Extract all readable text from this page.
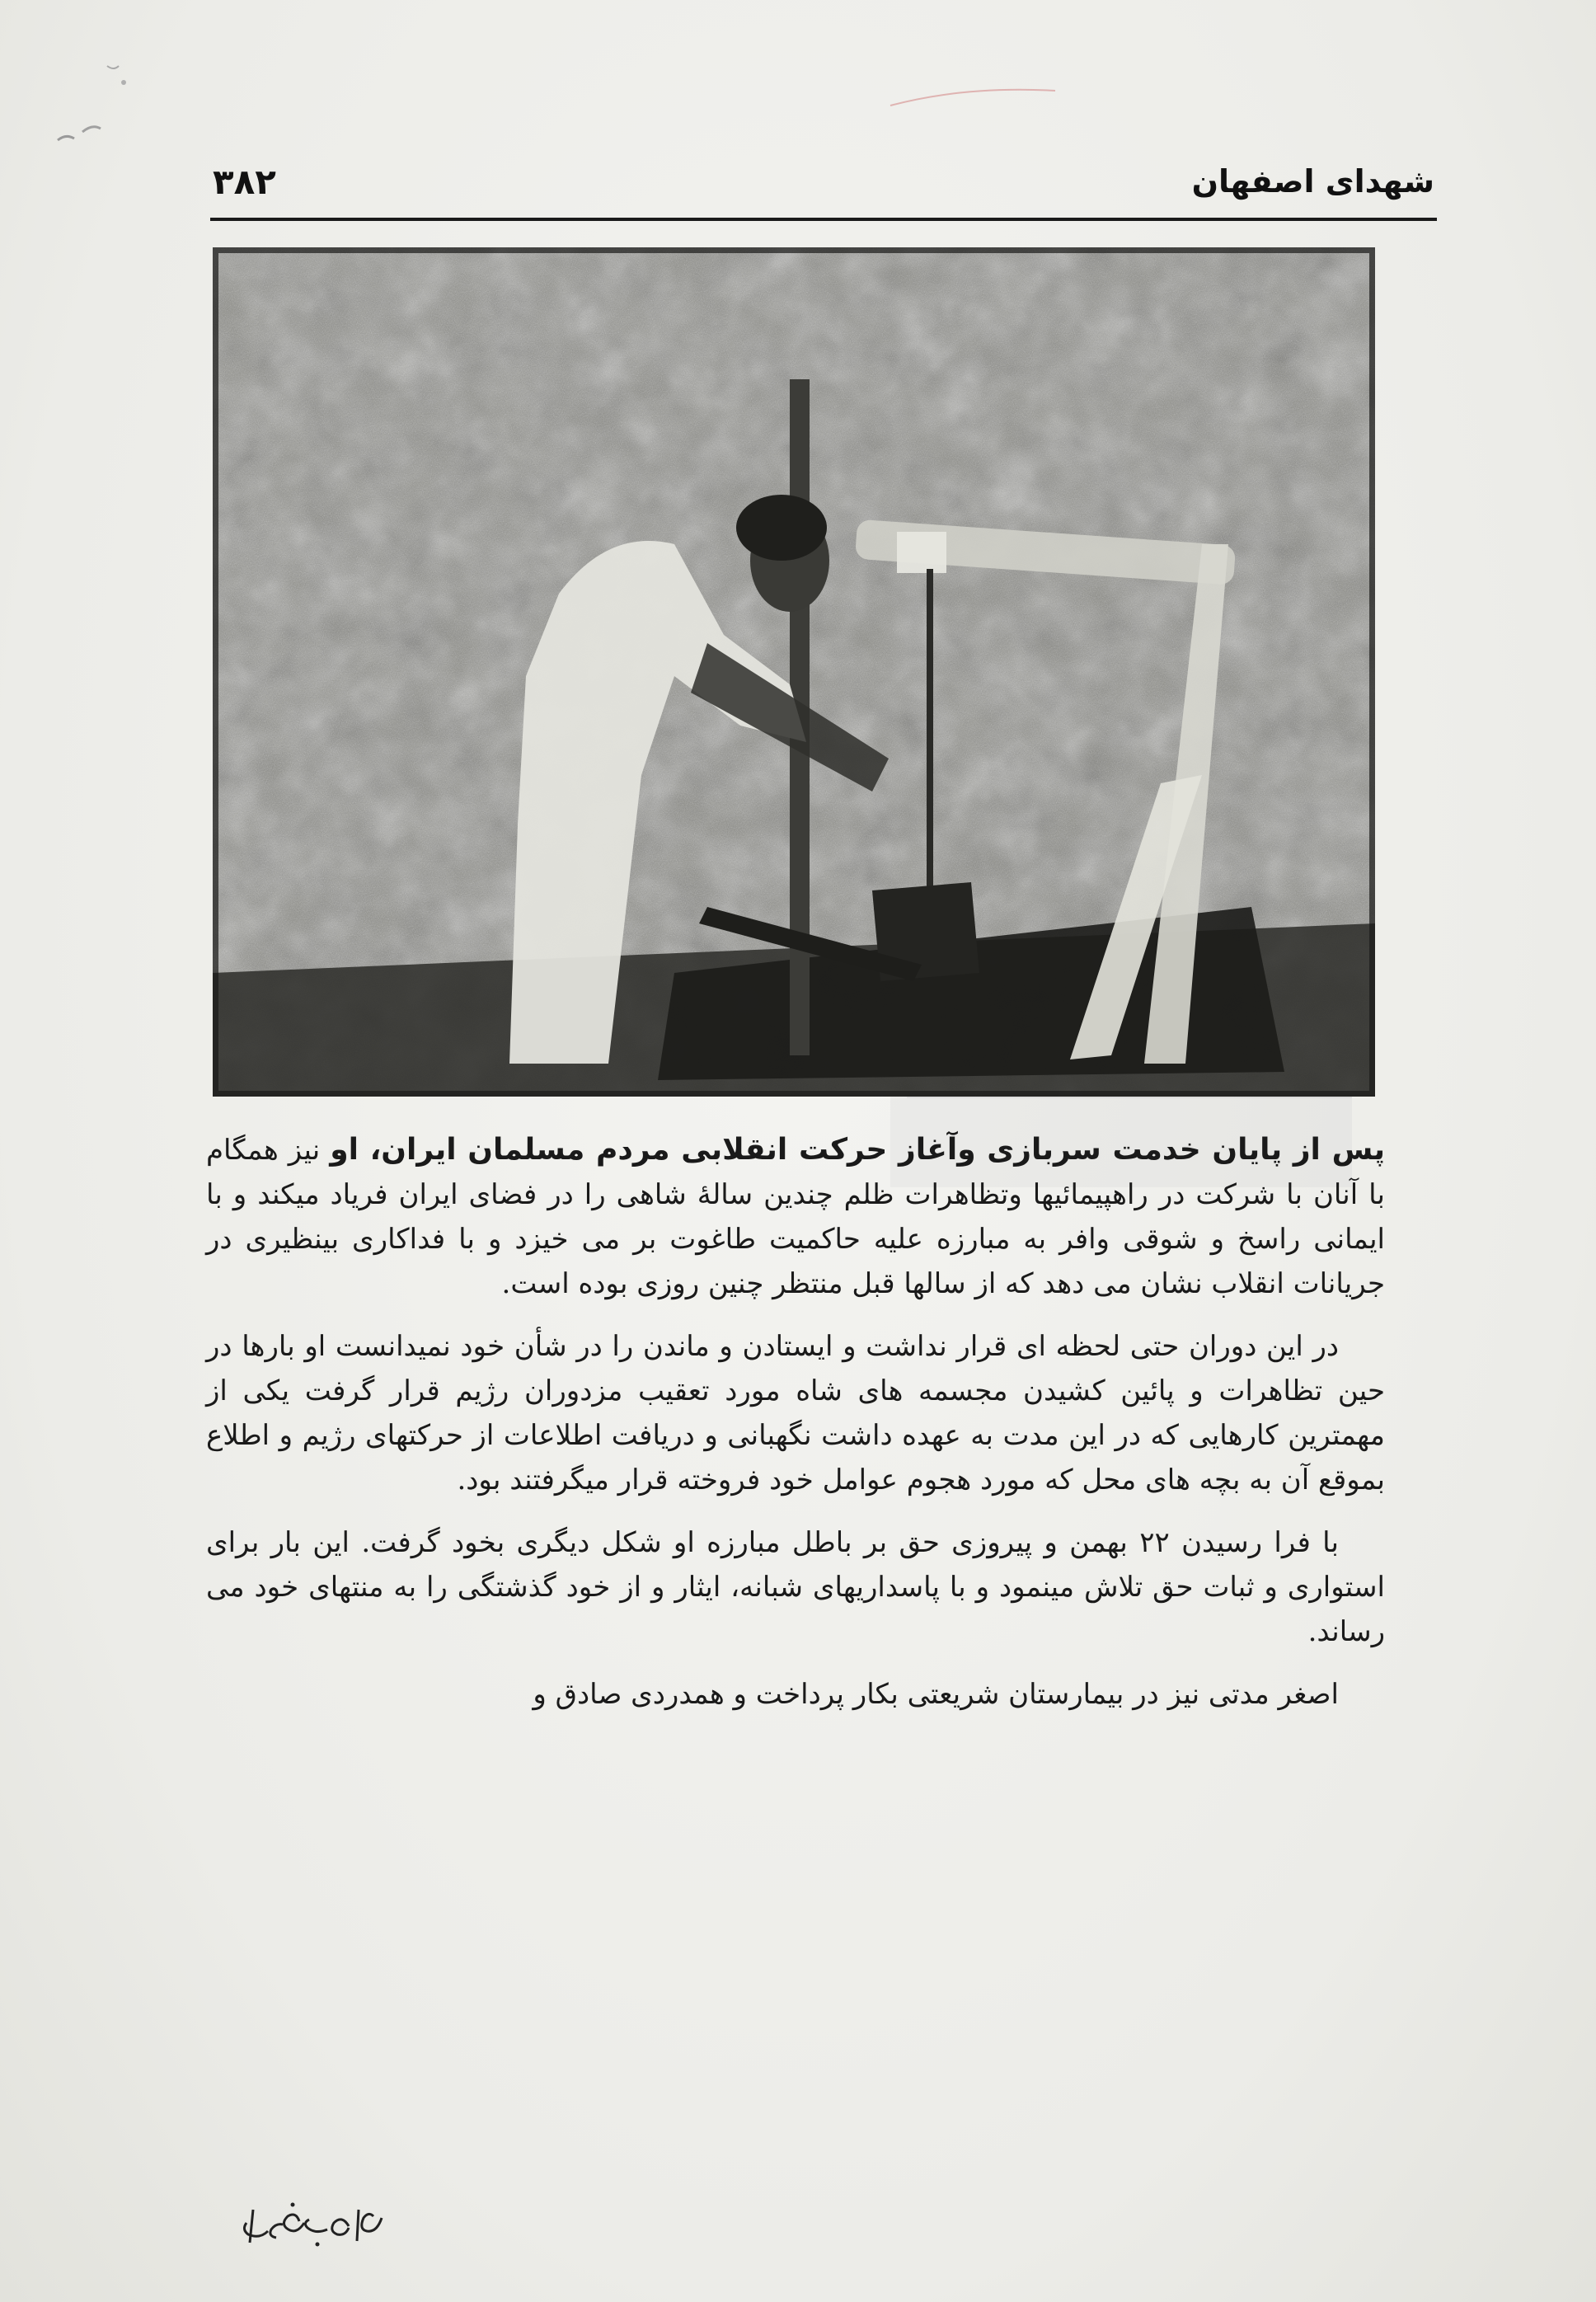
شهدای اصفهان
۳۸۲

پس از پایان خدمت سربازی وآغاز حرکت انقلابی مردم مسلمان ایران، او نیز همگام با آنان با شرکت در راهپیمائیها وتظاهرات ظلم چندین سالهٔ شاهی را در فضای ایران فریاد میکند و با ایمانی راسخ و شوقی وافر به مبارزه علیه حاکمیت طاغوت بر می خیزد و با فداکاری بینظیری در جریانات انقلاب نشان می دهد که از سالها قبل منتظر چنین روزی بوده است.

در این دوران حتی لحظه ای قرار نداشت و ایستادن و ماندن را در شأن خود نمیدانست او بارها در حین تظاهرات و پائین کشیدن مجسمه های شاه مورد تعقیب مزدوران رژیم قرار گرفت یکی از مهمترین کارهایی که در این مدت به عهده داشت نگهبانی و دریافت اطلاعات از حرکتهای رژیم و اطلاع بموقع آن به بچه های محل که مورد هجوم عوامل خود فروخته قرار میگرفتند بود.

با فرا رسیدن ۲۲ بهمن و پیروزی حق بر باطل مبارزه او شکل دیگری بخود گرفت. این بار برای استواری و ثبات حق تلاش مینمود و با پاسداریهای شبانه، ایثار و از خود گذشتگی را به منتهای خود می رساند.

اصغر مدتی نیز در بیمارستان شریعتی بکار پرداخت و همدردی صادق و
